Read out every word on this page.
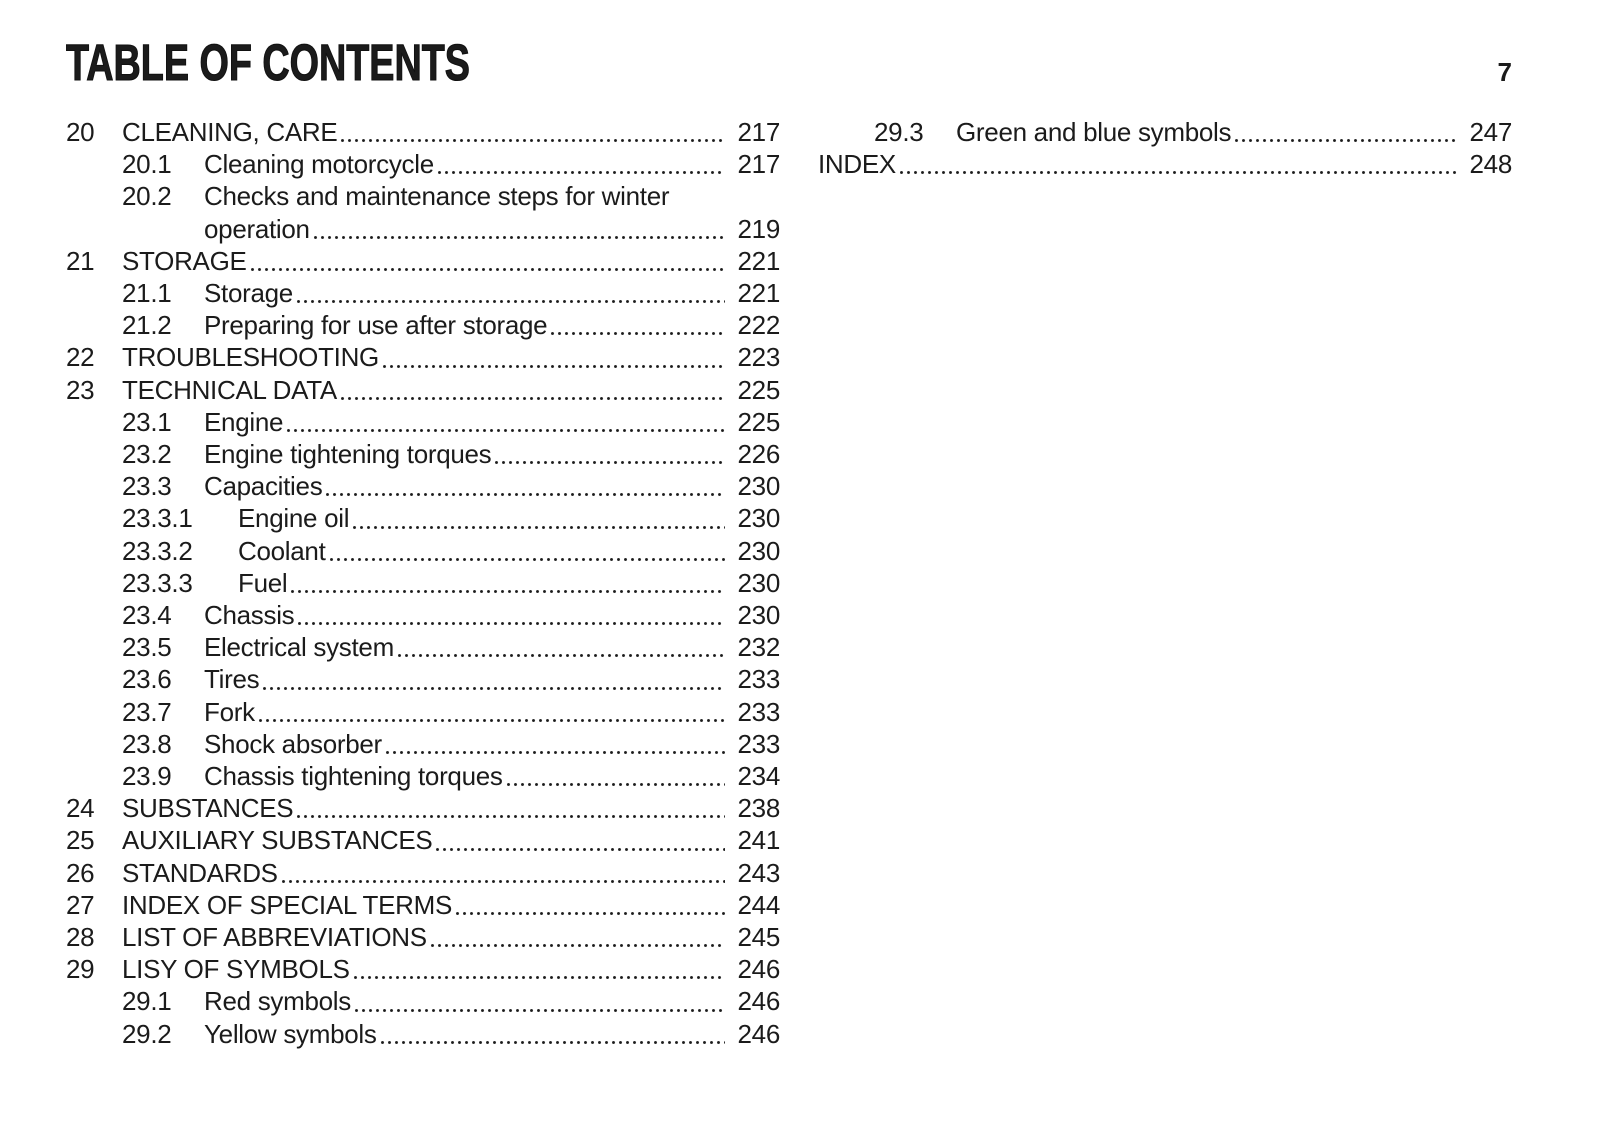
TABLE OF CONTENTS	7
20	CLEANING, CARE	217
20.1	Cleaning motorcycle	217
20.2	Checks and maintenance steps for winter
operation	219
21	STORAGE	221
21.1	Storage	221
21.2	Preparing for use after storage	222
22	TROUBLESHOOTING	223
23	TECHNICAL DATA	225
23.1	Engine	225
23.2	Engine tightening torques	226
23.3	Capacities	230
23.3.1	Engine oil	230
23.3.2	Coolant	230
23.3.3	Fuel	230
23.4	Chassis	230
23.5	Electrical system	232
23.6	Tires	233
23.7	Fork	233
23.8	Shock absorber	233
23.9	Chassis tightening torques	234
24	SUBSTANCES	238
25	AUXILIARY SUBSTANCES	241
26	STANDARDS	243
27	INDEX OF SPECIAL TERMS	244
28	LIST OF ABBREVIATIONS	245
29	LISY OF SYMBOLS	246
29.1	Red symbols	246
29.2	Yellow symbols	246
29.3	Green and blue symbols	247
INDEX	248
